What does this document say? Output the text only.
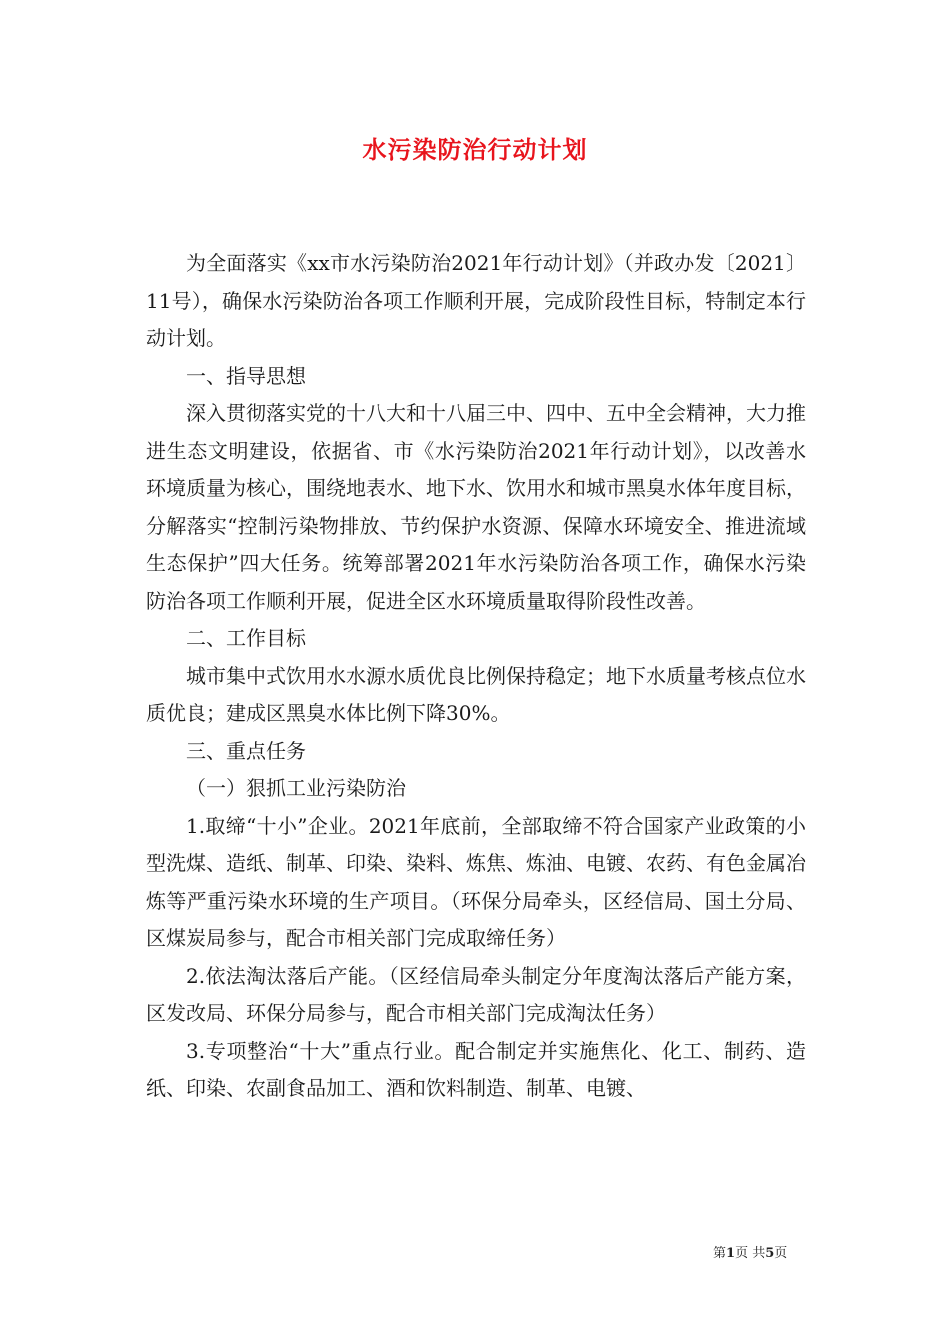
水污染防治行动计划

为全面落实《xx市水污染防治2021年行动计划》（并政办发〔2021〕11号），确保水污染防治各项工作顺利开展，完成阶段性目标，特制定本行动计划。

一、指导思想

深入贯彻落实党的十八大和十八届三中、四中、五中全会精神，大力推进生态文明建设，依据省、市《水污染防治2021年行动计划》，以改善水环境质量为核心，围绕地表水、地下水、饮用水和城市黑臭水体年度目标，分解落实“控制污染物排放、节约保护水资源、保障水环境安全、推进流域生态保护”四大任务。统筹部署2021年水污染防治各项工作，确保水污染防治各项工作顺利开展，促进全区水环境质量取得阶段性改善。

二、工作目标

城市集中式饮用水水源水质优良比例保持稳定；地下水质量考核点位水质优良；建成区黑臭水体比例下降30%。

三、重点任务

（一）狠抓工业污染防治

1.取缔“十小”企业。2021年底前，全部取缔不符合国家产业政策的小型洗煤、造纸、制革、印染、染料、炼焦、炼油、电镀、农药、有色金属冶炼等严重污染水环境的生产项目。（环保分局牵头，区经信局、国土分局、区煤炭局参与，配合市相关部门完成取缔任务）

2.依法淘汰落后产能。（区经信局牵头制定分年度淘汰落后产能方案，区发改局、环保分局参与，配合市相关部门完成淘汰任务）

3.专项整治“十大”重点行业。配合制定并实施焦化、化工、制药、造纸、印染、农副食品加工、酒和饮料制造、制革、电镀、

第1页 共5页
